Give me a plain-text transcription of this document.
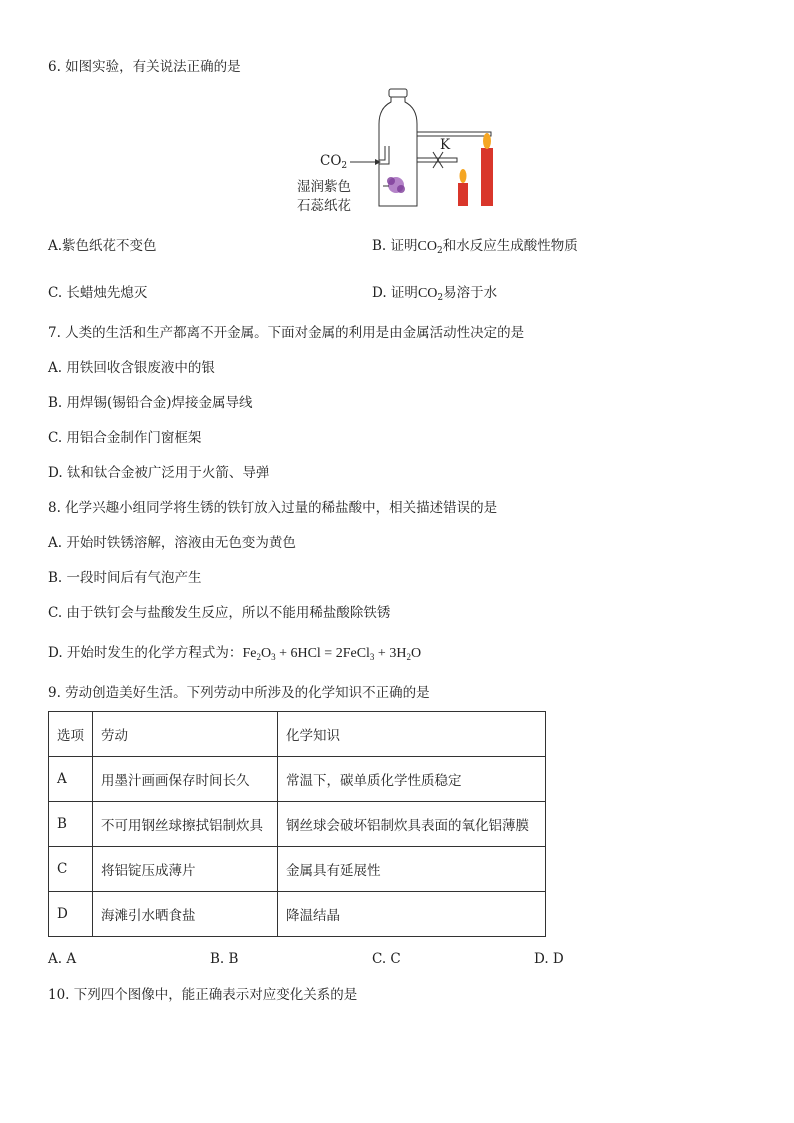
6. 如图实验，有关说法正确的是
$CO_2$
K
湿润紫色
石蕊纸花
A.紫色纸花不变色	B. 证明$CO_2$和水反应生成酸性物质
C. 长蜡烛先熄灭	D. 证明$CO_2$易溶于水
7. 人类的生活和生产都离不开金属。下面对金属的利用是由金属活动性决定的是
A. 用铁回收含银废液中的银
B. 用焊锡(锡铅合金)焊接金属导线
C. 用铝合金制作门窗框架
D. 钛和钛合金被广泛用于火箭、导弹
8. 化学兴趣小组同学将生锈的铁钉放入过量的稀盐酸中，相关描述错误的是
A. 开始时铁锈溶解，溶液由无色变为黄色
B. 一段时间后有气泡产生
C. 由于铁钉会与盐酸发生反应，所以不能用稀盐酸除铁锈
D. 开始时发生的化学方程式为：$Fe_2O_3 + 6HCl$ = 2FeCl$_3$ + $3H_2O$
9. 劳动创造美好生活。下列劳动中所涉及的化学知识不正确的是
选项	劳动	化学知识
A	用墨汁画画保存时间长久	常温下，碳单质化学性质稳定
B	不可用钢丝球擦拭铝制炊具	钢丝球会破坏铝制炊具表面的氧化铝薄膜
C	将铝锭压成薄片	金属具有延展性
D	海滩引水晒食盐	降温结晶
A. A	B. B	C. C	D. D
10. 下列四个图像中，能正确表示对应变化关系的是
